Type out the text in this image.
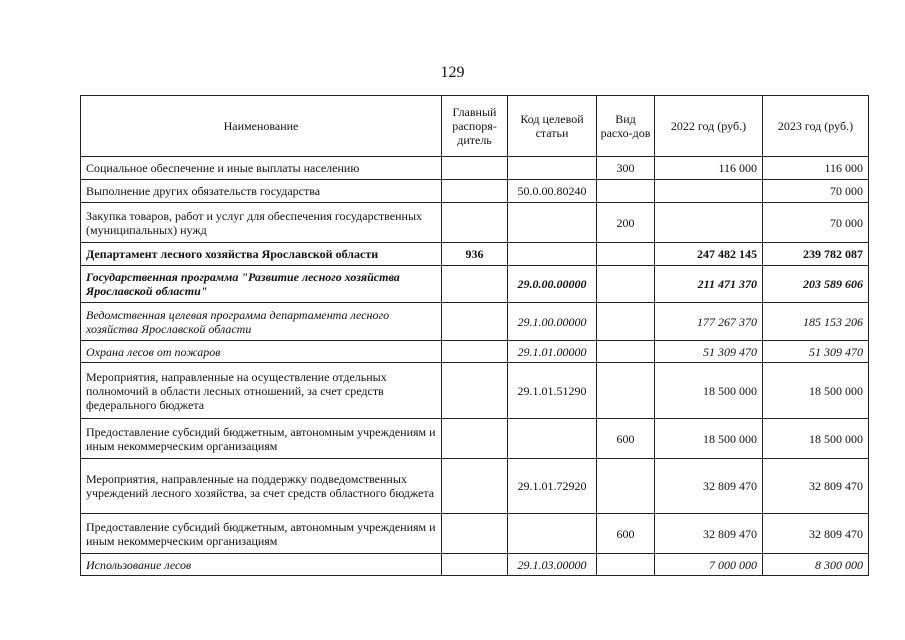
129
Наименование	Главный распоря-дитель	Код целевой статьи	Вид расхо-дов	2022 год (руб.)	2023 год (руб.)
Социальное обеспечение и иные выплаты населению			300	116 000	116 000
Выполнение других обязательств государства		50.0.00.80240			70 000
Закупка товаров, работ и услуг для обеспечения государственных (муниципальных) нужд			200		70 000
Департамент лесного хозяйства Ярославской области	936			247 482 145	239 782 087
Государственная программа "Развитие лесного хозяйства Ярославской области"		29.0.00.00000		211 471 370	203 589 606
Ведомственная целевая программа департамента лесного хозяйства Ярославской области		29.1.00.00000		177 267 370	185 153 206
Охрана лесов от пожаров		29.1.01.00000		51 309 470	51 309 470
Мероприятия, направленные на осуществление отдельных полномочий в области лесных отношений, за счет средств федерального бюджета		29.1.01.51290		18 500 000	18 500 000
Предоставление субсидий бюджетным, автономным учреждениям и иным некоммерческим организациям			600	18 500 000	18 500 000
Мероприятия, направленные на поддержку подведомственных учреждений лесного хозяйства, за счет средств областного бюджета		29.1.01.72920		32 809 470	32 809 470
Предоставление субсидий бюджетным, автономным учреждениям и иным некоммерческим организациям			600	32 809 470	32 809 470
Использование лесов		29.1.03.00000		7 000 000	8 300 000
